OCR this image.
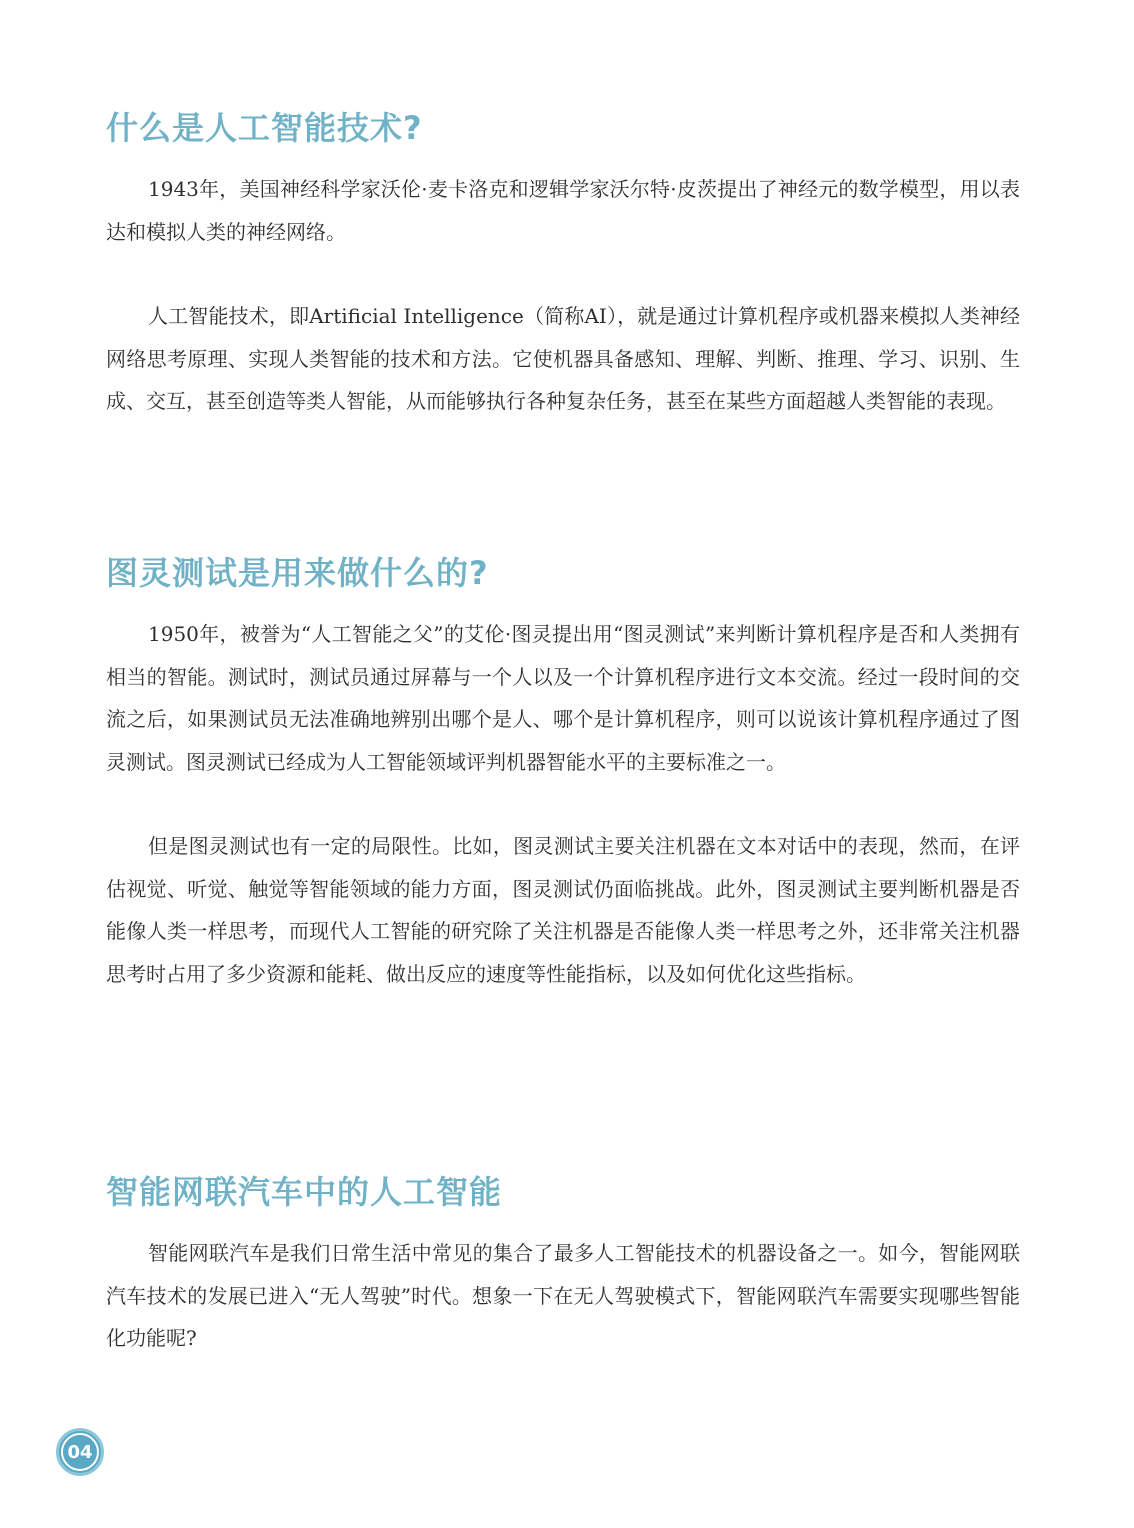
什么是人工智能技术?

1943年，美国神经科学家沃伦·麦卡洛克和逻辑学家沃尔特·皮茨提出了神经元的数学模型，用以表达和模拟人类的神经网络。

人工智能技术，即Artificial Intelligence（简称AI），就是通过计算机程序或机器来模拟人类神经网络思考原理、实现人类智能的技术和方法。它使机器具备感知、理解、判断、推理、学习、识别、生成、交互，甚至创造等类人智能，从而能够执行各种复杂任务，甚至在某些方面超越人类智能的表现。

图灵测试是用来做什么的?

1950年，被誉为“人工智能之父”的艾伦·图灵提出用“图灵测试”来判断计算机程序是否和人类拥有相当的智能。测试时，测试员通过屏幕与一个人以及一个计算机程序进行文本交流。经过一段时间的交流之后，如果测试员无法准确地辨别出哪个是人、哪个是计算机程序，则可以说该计算机程序通过了图灵测试。图灵测试已经成为人工智能领域评判机器智能水平的主要标准之一。

但是图灵测试也有一定的局限性。比如，图灵测试主要关注机器在文本对话中的表现，然而，在评估视觉、听觉、触觉等智能领域的能力方面，图灵测试仍面临挑战。此外，图灵测试主要判断机器是否能像人类一样思考，而现代人工智能的研究除了关注机器是否能像人类一样思考之外，还非常关注机器思考时占用了多少资源和能耗、做出反应的速度等性能指标，以及如何优化这些指标。

智能网联汽车中的人工智能

智能网联汽车是我们日常生活中常见的集合了最多人工智能技术的机器设备之一。如今，智能网联汽车技术的发展已进入“无人驾驶”时代。想象一下在无人驾驶模式下，智能网联汽车需要实现哪些智能化功能呢?

04
